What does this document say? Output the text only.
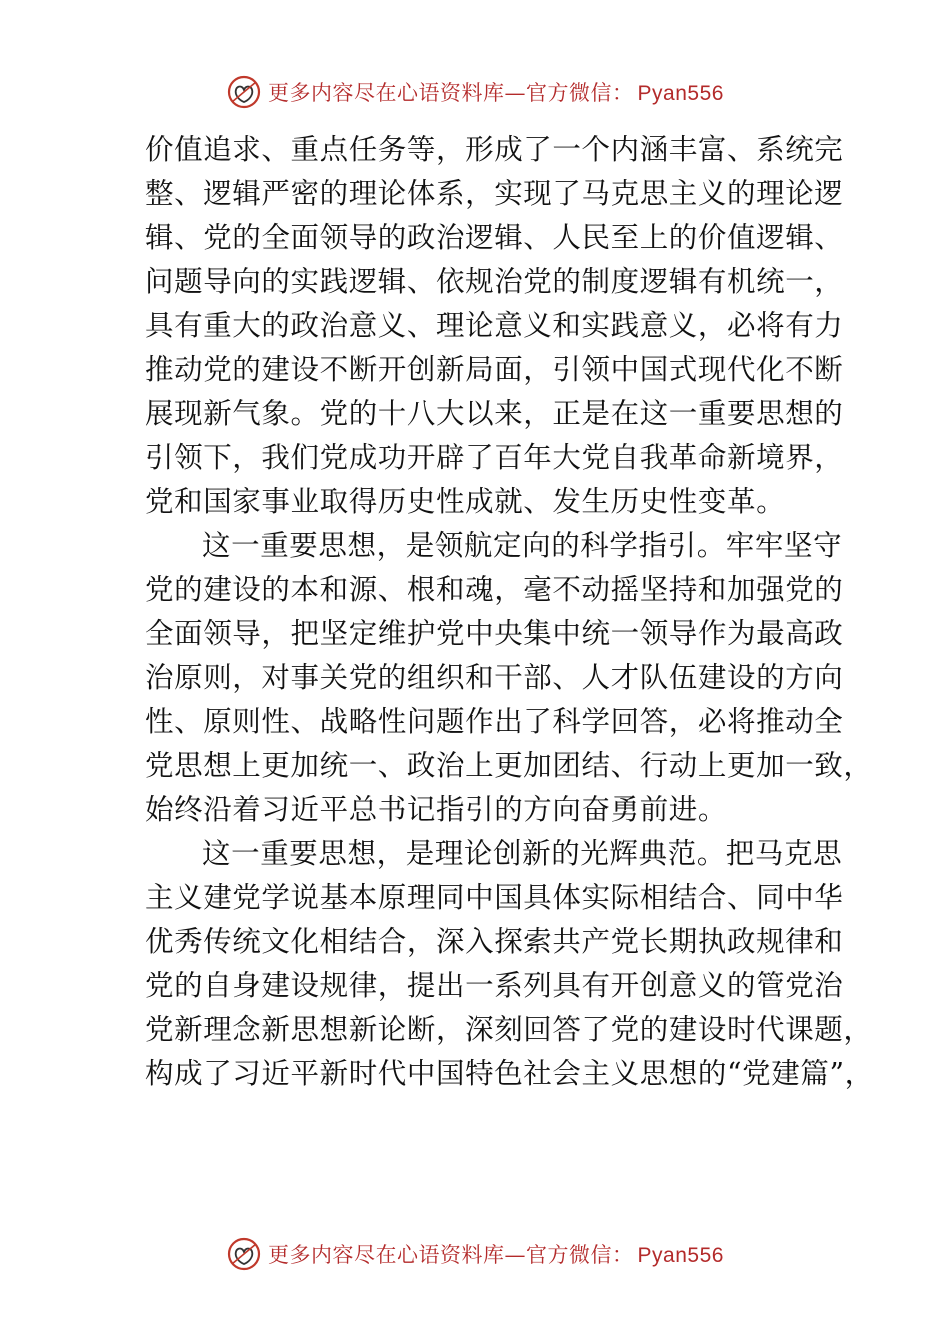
更多内容尽在心语资料库—官方微信： Pyan556
价值追求、重点任务等，形成了一个内涵丰富、系统完
整、逻辑严密的理论体系，实现了马克思主义的理论逻
辑、党的全面领导的政治逻辑、人民至上的价值逻辑、
问题导向的实践逻辑、依规治党的制度逻辑有机统一，
具有重大的政治意义、理论意义和实践意义，必将有力
推动党的建设不断开创新局面，引领中国式现代化不断
展现新气象。党的十八大以来，正是在这一重要思想的
引领下，我们党成功开辟了百年大党自我革命新境界，
党和国家事业取得历史性成就、发生历史性变革。
这一重要思想，是领航定向的科学指引。牢牢坚守
党的建设的本和源、根和魂，毫不动摇坚持和加强党的
全面领导，把坚定维护党中央集中统一领导作为最高政
治原则，对事关党的组织和干部、人才队伍建设的方向
性、原则性、战略性问题作出了科学回答，必将推动全
党思想上更加统一、政治上更加团结、行动上更加一致，
始终沿着习近平总书记指引的方向奋勇前进。
这一重要思想，是理论创新的光辉典范。把马克思
主义建党学说基本原理同中国具体实际相结合、同中华
优秀传统文化相结合，深入探索共产党长期执政规律和
党的自身建设规律，提出一系列具有开创意义的管党治
党新理念新思想新论断，深刻回答了党的建设时代课题，
构成了习近平新时代中国特色社会主义思想的“党建篇”，
更多内容尽在心语资料库—官方微信： Pyan556
